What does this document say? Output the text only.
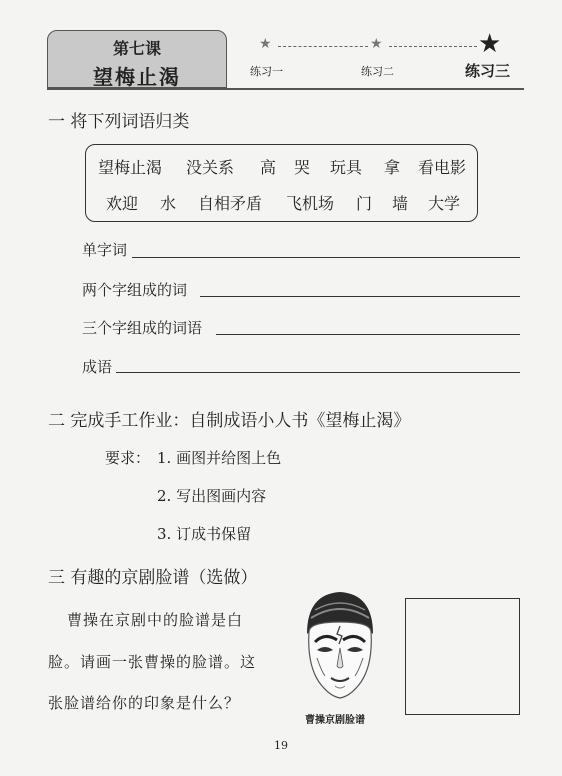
第七课
望梅止渴
★	★	★
练习一	练习二	练习三
一 将下列词语归类
望梅止渴 没关系 高 哭 玩具 拿 看电影
欢迎 水 自相矛盾 飞机场 门 墙 大学
单字词
两个字组成的词
三个字组成的词语
成语
二 完成手工作业：自制成语小人书《望梅止渴》
要求： 1. 画图并给图上色
2. 写出图画内容
3. 订成书保留
三 有趣的京剧脸谱（选做）
曹操在京剧中的脸谱是白
脸。请画一张曹操的脸谱。这
张脸谱给你的印象是什么？
曹操京剧脸谱
19
